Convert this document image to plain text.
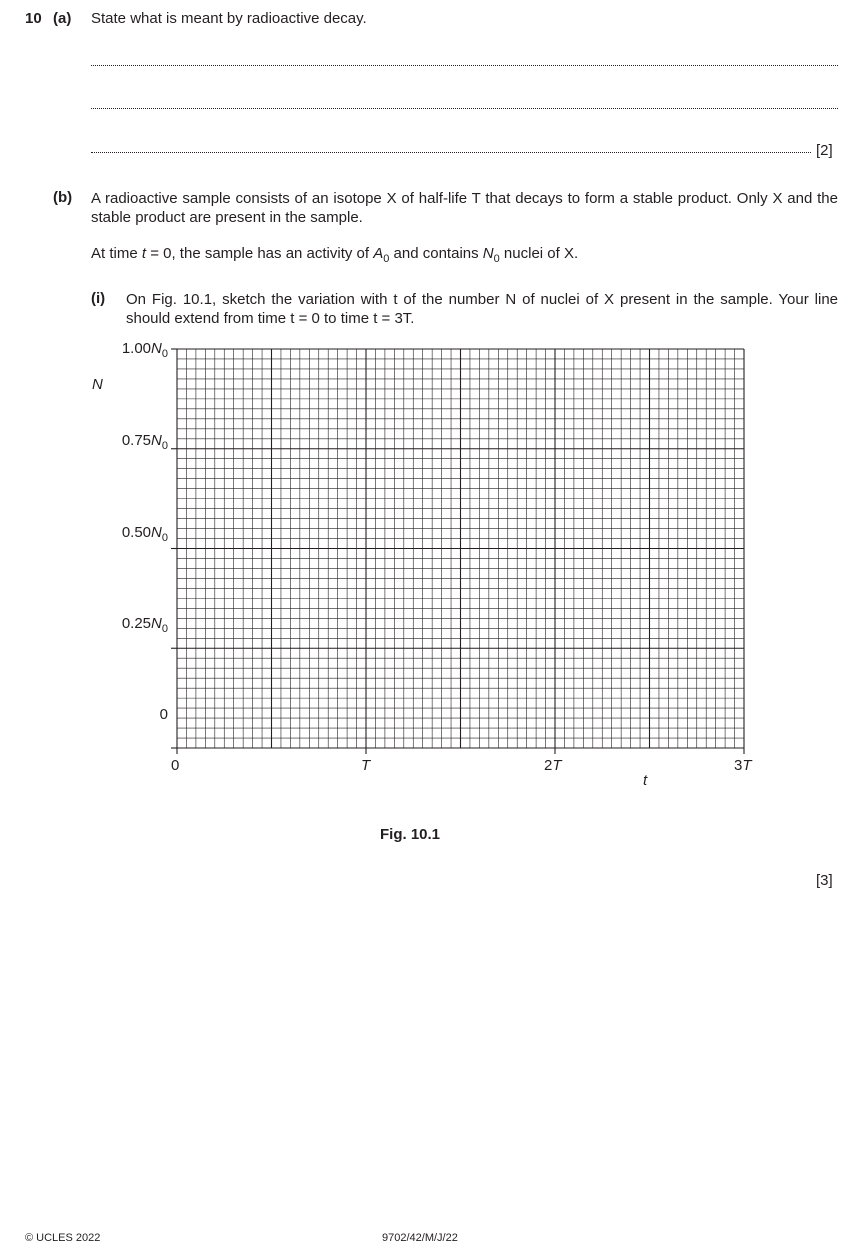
10 (a) State what is meant by radioactive decay.
[2]
(b) A radioactive sample consists of an isotope X of half-life T that decays to form a stable product. Only X and the stable product are present in the sample.
At time t = 0, the sample has an activity of $A_0$ and contains $N_0$ nuclei of X.
(i) On Fig. 10.1, sketch the variation with t of the number N of nuclei of X present in the sample. Your line should extend from time t = 0 to time t = 3T.
$1.00N_0$
N
$0.75N_0$
$0.50N_0$
$0.25N_0$
0
0	T	2T	3T
t
Fig. 10.1
[3]
© UCLES 2022	9702/42/M/J/22
